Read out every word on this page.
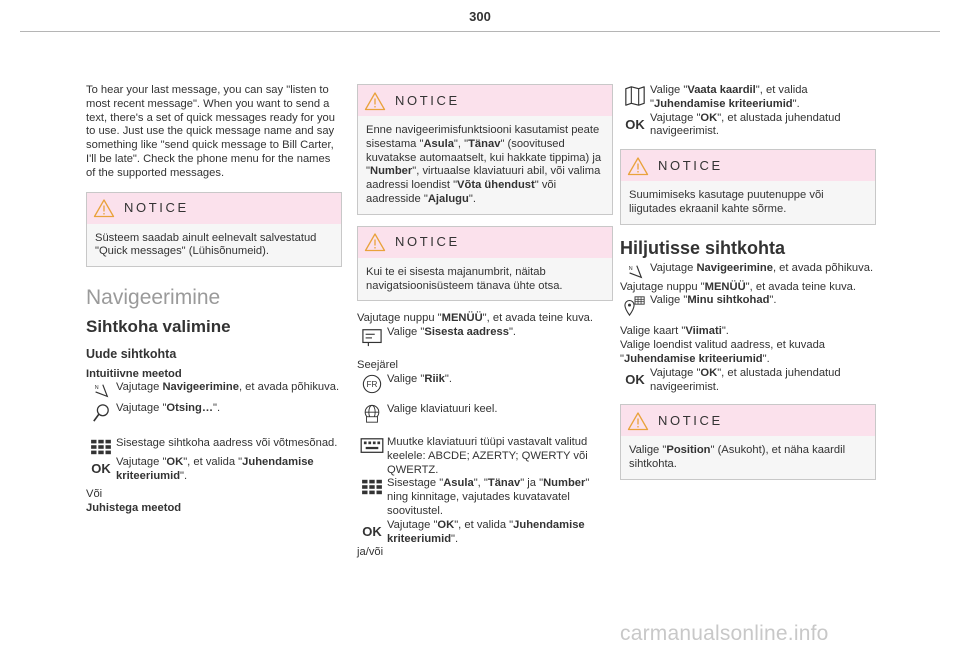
300

To hear your last message, you can say "listen to most recent message". When you want to send a text, there's a set of quick messages ready for you to use. Just use the quick message name and say something like "send quick message to Bill Carter, I'll be late". Check the phone menu for the names of the supported messages.

NOTICE
Süsteem saadab ainult eelnevalt salvestatud "Quick messages" (Lühisõnumeid).
Navigeerimine
Sihtkoha valimine
Uude sihtkohta

Intuitiivne meetod

N Vajutage Navigeerimine, et avada põhikuva.
Vajutage "Otsing…".
Sisestage sihtkoha aadress või võtmesõnad.
OK Vajutage "OK", et valida "Juhendamise kriteeriumid".

Või

Juhistega meetod

NOTICE
Enne navigeerimisfunktsiooni kasutamist peate sisestama "Asula", "Tänav" (soovitused kuvatakse automaatselt, kui hakkate tippima) ja "Number", virtuaalse klaviatuuri abil, või valima aadressi loendist "Võta ühendust" või aadresside "Ajalugu".
NOTICE
Kui te ei sisesta majanumbrit, näitab navigatsioonisüsteem tänava ühte otsa.

Vajutage nuppu "MENÜÜ", et avada teine kuva.

Valige "Sisesta aadress".

Seejärel

FR Valige "Riik".
Valige klaviatuuri keel.
Muutke klaviatuuri tüüpi vastavalt valitud keelele: ABCDE; AZERTY; QWERTY või QWERTZ.
Sisestage "Asula", "Tänav" ja "Number" ning kinnitage, vajutades kuvatavatel soovitustel.
OK Vajutage "OK", et valida "Juhendamise kriteeriumid".

ja/või

Valige "Vaata kaardil", et valida "Juhendamise kriteeriumid".
OK Vajutage "OK", et alustada juhendatud navigeerimist.
NOTICE
Suumimiseks kasutage puutenuppe või liigutades ekraanil kahte sõrme.
Hiljutisse sihtkohta
N Vajutage Navigeerimine, et avada põhikuva.

Vajutage nuppu "MENÜÜ", et avada teine kuva.

Valige "Minu sihtkohad".

Valige kaart "Viimati".

Valige loendist valitud aadress, et kuvada

"Juhendamise kriteeriumid".

OK Vajutage "OK", et alustada juhendatud navigeerimist.
NOTICE
Valige "Position" (Asukoht), et näha kaardil sihtkohta.
carmanualsonline.info
